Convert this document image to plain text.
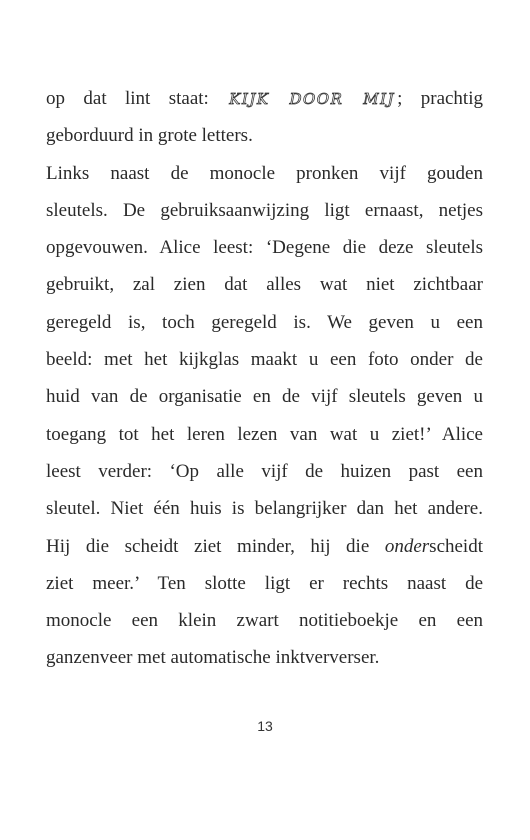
op dat lint staat: KIJK DOOR MIJ ; prachtig
geborduurd in grote letters.
Links naast de monocle pronken vijf gouden
sleutels. De gebruiksaanwijzing ligt ernaast, netjes
opgevouwen. Alice leest: ‘Degene die deze sleutels
gebruikt, zal zien dat alles wat niet zichtbaar
geregeld is, toch geregeld is. We geven u een
beeld: met het kijkglas maakt u een foto onder de
huid van de organisatie en de vijf sleutels geven u
toegang tot het leren lezen van wat u ziet!’ Alice
leest verder: ‘Op alle vijf de huizen past een
sleutel. Niet één huis is belangrijker dan het andere.
Hij die scheidt ziet minder, hij die onderscheidt
ziet meer.’ Ten slotte ligt er rechts naast de
monocle een klein zwart notitieboekje en een
ganzenveer met automatische inktververser.
13
